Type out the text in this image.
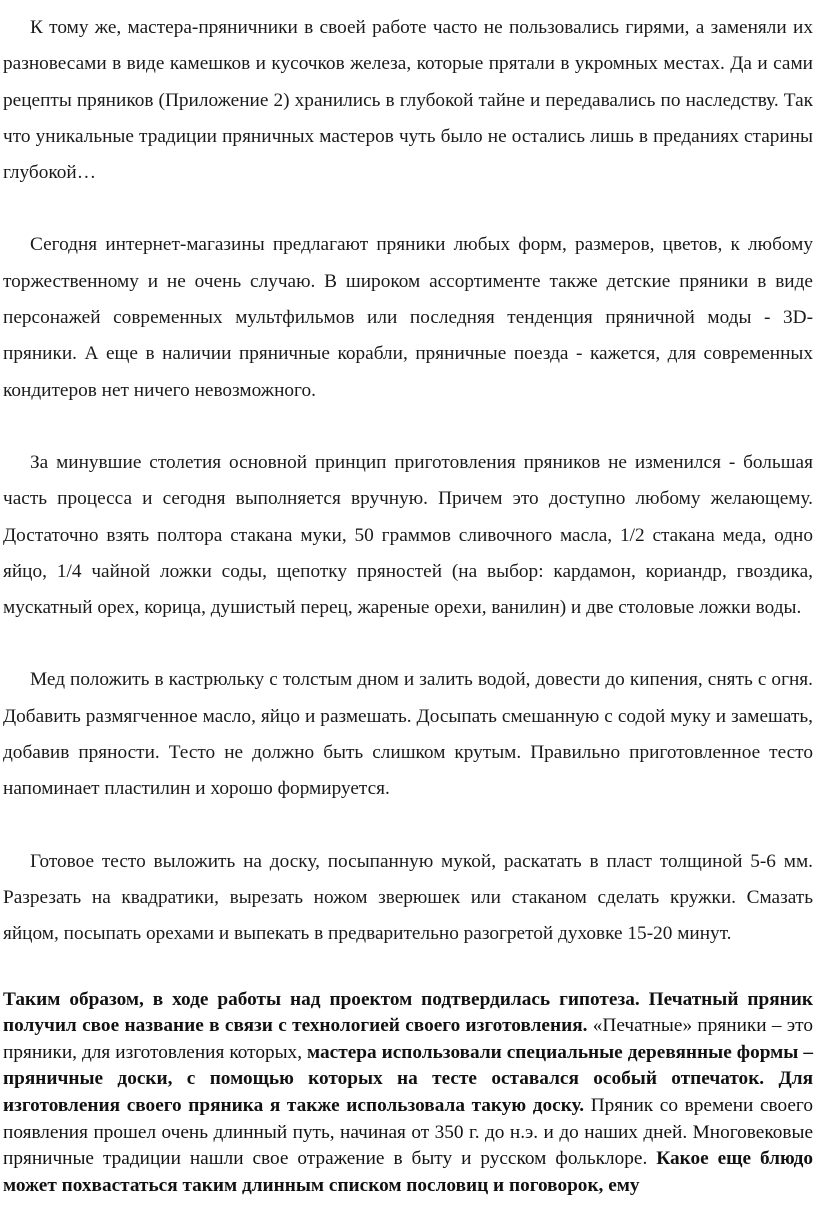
К тому же, мастера-пряничники в своей работе часто не пользовались гирями, а заменяли их разновесами в виде камешков и кусочков железа, которые прятали в укромных местах. Да и сами рецепты пряников (Приложение 2) хранились в глубокой тайне и передавались по наследству. Так что уникальные традиции пряничных мастеров чуть было не остались лишь в преданиях старины глубокой…

Сегодня интернет-магазины предлагают пряники любых форм, размеров, цветов, к любому торжественному и не очень случаю. В широком ассортименте также детские пряники в виде персонажей современных мультфильмов или последняя тенденция пряничной моды - 3D-пряники. А еще в наличии пряничные корабли, пряничные поезда - кажется, для современных кондитеров нет ничего невозможного.

За минувшие столетия основной принцип приготовления пряников не изменился - большая часть процесса и сегодня выполняется вручную. Причем это доступно любому желающему. Достаточно взять полтора стакана муки, 50 граммов сливочного масла, 1/2 стакана меда, одно яйцо, 1/4 чайной ложки соды, щепотку пряностей (на выбор: кардамон, кориандр, гвоздика, мускатный орех, корица, душистый перец, жареные орехи, ванилин) и две столовые ложки воды.

Мед положить в кастрюльку с толстым дном и залить водой, довести до кипения, снять с огня. Добавить размягченное масло, яйцо и размешать. Досыпать смешанную с содой муку и замешать, добавив пряности. Тесто не должно быть слишком крутым. Правильно приготовленное тесто напоминает пластилин и хорошо формируется.

Готовое тесто выложить на доску, посыпанную мукой, раскатать в пласт толщиной 5-6 мм. Разрезать на квадратики, вырезать ножом зверюшек или стаканом сделать кружки. Смазать яйцом, посыпать орехами и выпекать в предварительно разогретой духовке 15-20 минут.

Таким образом, в ходе работы над проектом подтвердилась гипотеза. Печатный пряник получил свое название в связи с технологией своего изготовления. «Печатные» пряники – это пряники, для изготовления которых, мастера использовали специальные деревянные формы – пряничные доски, с помощью которых на тесте оставался особый отпечаток. Для изготовления своего пряника я также использовала такую доску. Пряник со времени своего появления прошел очень длинный путь, начиная от 350 г. до н.э. и до наших дней. Многовековые пряничные традиции нашли свое отражение в быту и русском фольклоре. Какое еще блюдо может похвастаться таким длинным списком пословиц и поговорок, ему
